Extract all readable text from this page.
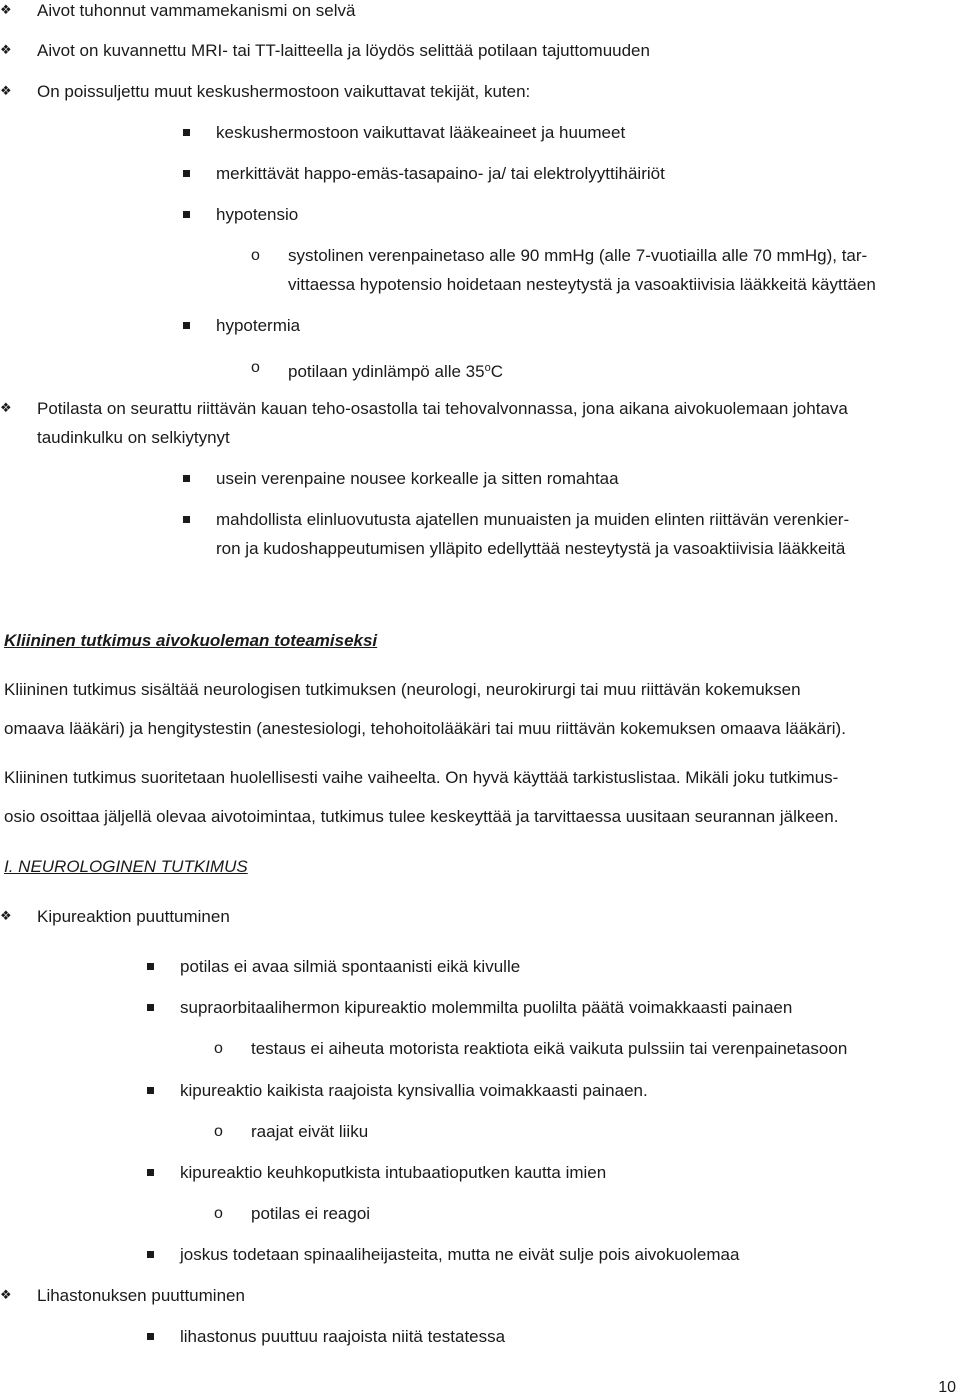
❖	Aivot tuhonnut vammamekanismi on selvä

❖	Aivot on kuvannettu MRI- tai TT-laitteella ja löydös selittää potilaan tajuttomuuden

❖	On poissuljettu muut keskushermostoon vaikuttavat tekijät, kuten:

keskushermostoon vaikuttavat lääkeaineet ja huumeet

merkittävät happo-emäs-tasapaino- ja/ tai elektrolyyttihäiriöt

hypotensio

o systolinen verenpainetaso alle 90 mmHg (alle 7-vuotiailla alle 70 mmHg), tar-

vittaessa hypotensio hoidetaan nesteytystä ja vasoaktiivisia lääkkeitä käyttäen

hypotermia

o potilaan ydinlämpö alle 35$^o$C

❖	Potilasta on seurattu riittävän kauan teho-osastolla tai tehovalvonnassa, jona aikana aivokuolemaan johtava

taudinkulku on selkiytynyt

usein verenpaine nousee korkealle ja sitten romahtaa

mahdollista elinluovutusta ajatellen munuaisten ja muiden elinten riittävän verenkier-

ron ja kudoshappeutumisen ylläpito edellyttää nesteytystä ja vasoaktiivisia lääkkeitä

Kliininen tutkimus aivokuoleman toteamiseksi

Kliininen tutkimus sisältää neurologisen tutkimuksen (neurologi, neurokirurgi tai muu riittävän kokemuksen

omaava lääkäri) ja hengitystestin (anestesiologi, tehohoitolääkäri tai muu riittävän kokemuksen omaava lääkäri).

Kliininen tutkimus suoritetaan huolellisesti vaihe vaiheelta. On hyvä käyttää tarkistuslistaa. Mikäli joku tutkimus-

osio osoittaa jäljellä olevaa aivotoimintaa, tutkimus tulee keskeyttää ja tarvittaessa uusitaan seurannan jälkeen.

I. NEUROLOGINEN TUTKIMUS

❖	Kipureaktion puuttuminen

potilas ei avaa silmiä spontaanisti eikä kivulle

supraorbitaalihermon kipureaktio molemmilta puolilta päätä voimakkaasti painaen

o testaus ei aiheuta motorista reaktiota eikä vaikuta pulssiin tai verenpainetasoon

kipureaktio kaikista raajoista kynsivallia voimakkaasti painaen.

o raajat eivät liiku

kipureaktio keuhkoputkista intubaatioputken kautta imien

o potilas ei reagoi

joskus todetaan spinaaliheijasteita, mutta ne eivät sulje pois aivokuolemaa

❖	Lihastonuksen puuttuminen

lihastonus puuttuu raajoista niitä testatessa

10
